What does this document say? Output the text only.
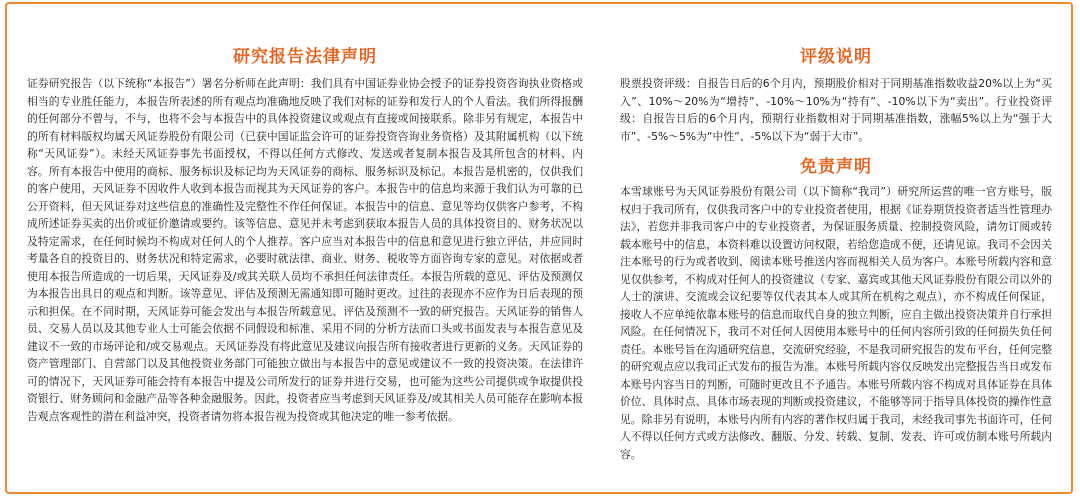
研究报告法律声明

证券研究报告（以下统称“本报告”）署名分析师在此声明：我们具有中国证券业协会授予的证券投资咨询执业资格或相当的专业胜任能力，本报告所表述的所有观点均准确地反映了我们对标的证券和发行人的个人看法。我们所得报酬的任何部分不曾与，不与，也将不会与本报告中的具体投资建议或观点有直接或间接联系。除非另有规定，本报告中的所有材料版权均属天风证券股份有限公司（已获中国证监会许可的证券投资咨询业务资格）及其附属机构（以下统称“天风证券”）。未经天风证券事先书面授权，不得以任何方式修改、发送或者复制本报告及其所包含的材料、内容。所有本报告中使用的商标、服务标识及标记均为天风证券的商标、服务标识及标记。本报告是机密的，仅供我们的客户使用，天风证券不因收件人收到本报告而视其为天风证券的客户。本报告中的信息均来源于我们认为可靠的已公开资料，但天风证券对这些信息的准确性及完整性不作任何保证。本报告中的信息、意见等均仅供客户参考，不构成所述证券买卖的出价或征价邀请或要约。该等信息、意见并未考虑到获取本报告人员的具体投资目的、财务状况以及特定需求，在任何时候均不构成对任何人的个人推荐。客户应当对本报告中的信息和意见进行独立评估，并应同时考量各自的投资目的、财务状况和特定需求，必要时就法律、商业、财务、税收等方面咨询专家的意见。对依据或者使用本报告所造成的一切后果，天风证券及/或其关联人员均不承担任何法律责任。本报告所载的意见、评估及预测仅为本报告出具日的观点和判断。该等意见、评估及预测无需通知即可随时更改。过往的表现亦不应作为日后表现的预示和担保。在不同时期，天风证券可能会发出与本报告所载意见、评估及预测不一致的研究报告。天风证券的销售人员、交易人员以及其他专业人士可能会依据不同假设和标准、采用不同的分析方法而口头或书面发表与本报告意见及建议不一致的市场评论和/或交易观点。天风证券没有将此意见及建议向报告所有接收者进行更新的义务。天风证券的资产管理部门、自营部门以及其他投资业务部门可能独立做出与本报告中的意见或建议不一致的投资决策。在法律许可的情况下，天风证券可能会持有本报告中提及公司所发行的证券并进行交易，也可能为这些公司提供或争取提供投资银行、财务顾问和金融产品等各种金融服务。因此，投资者应当考虑到天风证券及/或其相关人员可能存在影响本报告观点客观性的潜在利益冲突，投资者请勿将本报告视为投资或其他决定的唯一参考依据。

评级说明

股票投资评级：自报告日后的6个月内，预期股价相对于同期基准指数收益20%以上为“买入”、10%～20%为“增持”、-10%～10%为“持有”、-10%以下为“卖出”。行业投资评级：自报告日后的6个月内，预期行业指数相对于同期基准指数，涨幅5%以上为“强于大市”、-5%～5%为“中性”、-5%以下为“弱于大市”。

免责声明

本雪球账号为天风证券股份有限公司（以下简称“我司”）研究所运营的唯一官方账号，版权归于我司所有，仅供我司客户中的专业投资者使用，根据《证券期货投资者适当性管理办法》，若您并非我司客户中的专业投资者，为保证服务质量、控制投资风险，请勿订阅或转载本账号中的信息，本资料难以设置访问权限，若给您造成不便，还请见谅。我司不会因关注本账号的行为或者收到、阅读本账号推送内容而视相关人员为客户。本账号所载内容和意见仅供参考，不构成对任何人的投资建议（专家、嘉宾或其他天风证券股份有限公司以外的人士的演讲、交流或会议纪要等仅代表其本人或其所在机构之观点），亦不构成任何保证，接收人不应单纯依靠本账号的信息而取代自身的独立判断，应自主做出投资决策并自行承担风险。在任何情况下，我司不对任何人因使用本账号中的任何内容所引致的任何损失负任何责任。本账号旨在沟通研究信息，交流研究经验，不是我司研究报告的发布平台，任何完整的研究观点应以我司正式发布的报告为准。本账号所载内容仅反映发出完整报告当日或发布本账号内容当日的判断，可随时更改且不予通告。本账号所载内容不构成对具体证券在具体价位、具体时点、具体市场表现的判断或投资建议，不能够等同于指导具体投资的操作性意见。除非另有说明，本账号内所有内容的著作权归属于我司，未经我司事先书面许可，任何人不得以任何方式或方法修改、翻版、分发、转载、复制、发表、许可或仿制本账号所载内容。
